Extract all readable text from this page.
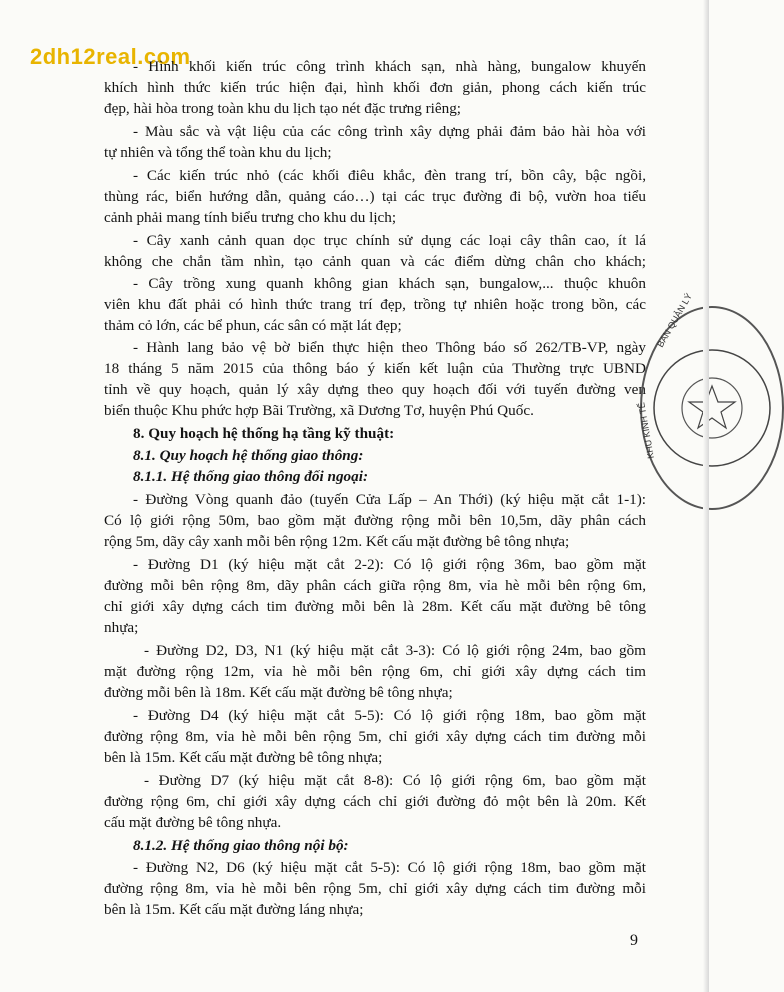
2dh12real.com
- Hình khối kiến trúc công trình khách sạn, nhà hàng, bungalow khuyến
khích hình thức kiến trúc hiện đại, hình khối đơn giản, phong cách kiến trúc
đẹp, hài hòa trong toàn khu du lịch tạo nét đặc trưng riêng;
- Màu sắc và vật liệu của các công trình xây dựng phải đảm bảo hài hòa với
tự nhiên và tổng thể toàn khu du lịch;
- Các kiến trúc nhỏ (các khối điêu khắc, đèn trang trí, bồn cây, bậc ngồi,
thùng rác, biển hướng dẫn, quảng cáo…) tại các trục đường đi bộ, vườn hoa tiểu
cảnh phải mang tính biểu trưng cho khu du lịch;
- Cây xanh cảnh quan dọc trục chính sử dụng các loại cây thân cao, ít lá
không che chắn tầm nhìn, tạo cảnh quan và các điểm dừng chân cho khách;
- Cây trồng xung quanh không gian khách sạn, bungalow,... thuộc khuôn
viên khu đất phải có hình thức trang trí đẹp, trồng tự nhiên hoặc trong bồn, các
thảm cỏ lớn, các bể phun, các sân có mặt lát đẹp;
- Hành lang bảo vệ bờ biển thực hiện theo Thông báo số 262/TB-VP, ngày
18 tháng 5 năm 2015 của thông báo ý kiến kết luận của Thường trực UBND
tỉnh về quy hoạch, quản lý xây dựng theo quy hoạch đối với tuyến đường ven
biển thuộc Khu phức hợp Bãi Trường, xã Dương Tơ, huyện Phú Quốc.
8. Quy hoạch hệ thống hạ tầng kỹ thuật:
8.1. Quy hoạch hệ thống giao thông:
8.1.1. Hệ thống giao thông đối ngoại:
- Đường Vòng quanh đảo (tuyến Cửa Lấp – An Thới) (ký hiệu mặt cắt 1-1):
Có lộ giới rộng 50m, bao gồm mặt đường rộng mỗi bên 10,5m, dãy phân cách
rộng 5m, dãy cây xanh mỗi bên rộng 12m. Kết cấu mặt đường bê tông nhựa;
- Đường D1 (ký hiệu mặt cắt 2-2): Có lộ giới rộng 36m, bao gồm mặt
đường mỗi bên rộng 8m, dãy phân cách giữa rộng 8m, vỉa hè mỗi bên rộng 6m,
chỉ giới xây dựng cách tim đường mỗi bên là 28m. Kết cấu mặt đường bê tông
nhựa;
- Đường D2, D3, N1 (ký hiệu mặt cắt 3-3): Có lộ giới rộng 24m, bao gồm
mặt đường rộng 12m, vỉa hè mỗi bên rộng 6m, chỉ giới xây dựng cách tim
đường mỗi bên là 18m. Kết cấu mặt đường bê tông nhựa;
- Đường D4 (ký hiệu mặt cắt 5-5): Có lộ giới rộng 18m, bao gồm mặt
đường rộng 8m, vỉa hè mỗi bên rộng 5m, chỉ giới xây dựng cách tim đường mỗi
bên là 15m. Kết cấu mặt đường bê tông nhựa;
- Đường D7 (ký hiệu mặt cắt 8-8): Có lộ giới rộng 6m, bao gồm mặt
đường rộng 6m, chỉ giới xây dựng cách chỉ giới đường đỏ một bên là 20m. Kết
cấu mặt đường bê tông nhựa.
8.1.2. Hệ thống giao thông nội bộ:
- Đường N2, D6 (ký hiệu mặt cắt 5-5): Có lộ giới rộng 18m, bao gồm mặt
đường rộng 8m, vỉa hè mỗi bên rộng 5m, chỉ giới xây dựng cách tim đường mỗi
bên là 15m. Kết cấu mặt đường láng nhựa;
BAN QUẢN LÝ
KHU KINH TẾ
9
